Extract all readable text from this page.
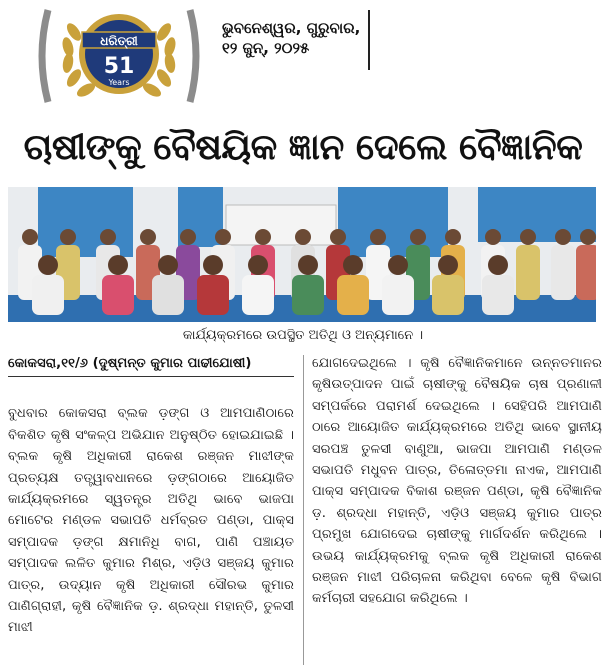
ଧରିତ୍ରୀ
51
Years
ଭୁବନେଶ୍ୱର, ଗୁରୁବାର,
୧୨ ଜୁନ୍, ୨୦୨୫
ଚାଷୀଙ୍କୁ ବୈଷୟିକ ଜ୍ଞାନ ଦେଲେ ବୈଜ୍ଞାନିକ
କାର୍ଯ୍ୟକ୍ରମରେ ଉପସ୍ଥିତ ଅତିଥି ଓ ଅନ୍ୟମାନେ ।
କୋକସରା,୧୧/୬ (ଦୁଷ୍ମନ୍ତ କୁମାର ପାଢୀଯୋଷୀ)

ବୁଧବାର କୋକସରା ବ୍ଲକ ଡ଼ଙ୍ଗ ଓ ଆମପାଣିଠାରେ ବିକଶିତ କୃଷି ସଂକଳ୍ପ ଅଭିଯାନ ଅନୁଷ୍ଠିତ ହୋଇଯାଇଛି । ବ୍ଲକ କୃଷି ଅଧିକାରୀ ରାକେଶ ରଞ୍ଜନ ମାଝୀଙ୍କ ପ୍ରତ୍ୟକ୍ଷ ତତ୍ତ୍ୱାବଧାନରେ ଡ଼ଙ୍ଗଠାରେ ଆୟୋଜିତ କାର୍ଯ୍ୟକ୍ରମରେ ସ୍ୱତନ୍ତ୍ର ଅତିଥି ଭାବେ ଭାଜପା ମୋଟେର ମଣ୍ଡଳ ସଭାପତି ଧର୍ମବ୍ରତ ପଣ୍ଡା, ପାକ୍ସ ସମ୍ପାଦକ ଡ଼ଙ୍ଗ କ୍ଷମାନିଧି ବାଗ, ପାଣି ପଞ୍ଚାୟତ ସମ୍ପାଦକ ଲଳିତ କୁମାର ମିଶ୍ର, ଏଡ଼ିଓ ସଞ୍ଜୟ କୁମାର ପାତ୍ର, ଉଦ୍ୟାନ କୃଷି ଅଧିକାରୀ ସୌରଭ କୁମାର ପାଣିଗ୍ରାହୀ, କୃଷି ବୈଜ୍ଞାନିକ ଡ଼. ଶ୍ରଦ୍ଧା ମହାନ୍ତି, ତୁଳସୀ ମାଝୀ

ଯୋଗଦେଇଥିଲେ । କୃଷି ବୈଜ୍ଞାନିକମାନେ ଉନ୍ନତମାନର କୃଷିଉତ୍ପାଦନ ପାଇଁ ଚାଷୀଙ୍କୁ ବୈଷୟିକ ଚାଷ ପ୍ରଣାଳୀ ସମ୍ପର୍କରେ ପରାମର୍ଶ ଦେଇଥିଲେ । ସେହିପରି ଆମପାଣି ଠାରେ ଆୟୋଜିତ କାର୍ଯ୍ୟକ୍ରମରେ ଅତିଥି ଭାବେ ସ୍ଥାନୀୟ ସରପଞ୍ଚ ତୁଳସୀ ବାଣୁଆ, ଭାଜପା ଆମପାଣି ମଣ୍ଡଳ ସଭାପତି ମଧୁବନ ପାତ୍ର, ତିଳୋତ୍ତମା ନାଏକ, ଆମପାଣି ପାକ୍ସ ସମ୍ପାଦକ ବିକାଶ ରଞ୍ଜନ ପଣ୍ଡା, କୃଷି ବୈଜ୍ଞାନିକ ଡ଼. ଶ୍ରଦ୍ଧା ମହାନ୍ତି, ଏଡ଼ିଓ ସଞ୍ଜୟ କୁମାର ପାତ୍ର ପ୍ରମୁଖ ଯୋଗଦେଇ ଚାଷୀଙ୍କୁ ମାର୍ଗଦର୍ଶନ କରିଥିଲେ । ଉଭୟ କାର୍ଯ୍ୟକ୍ରମକୁ ବ୍ଲକ କୃଷି ଅଧିକାରୀ ରାକେଶ ରଞ୍ଜନ ମାଝୀ ପରିଚାଳନା କରିଥିବା ବେଳେ କୃଷି ବିଭାଗ କର୍ମଚାରୀ ସହଯୋଗ କରିଥିଲେ ।
